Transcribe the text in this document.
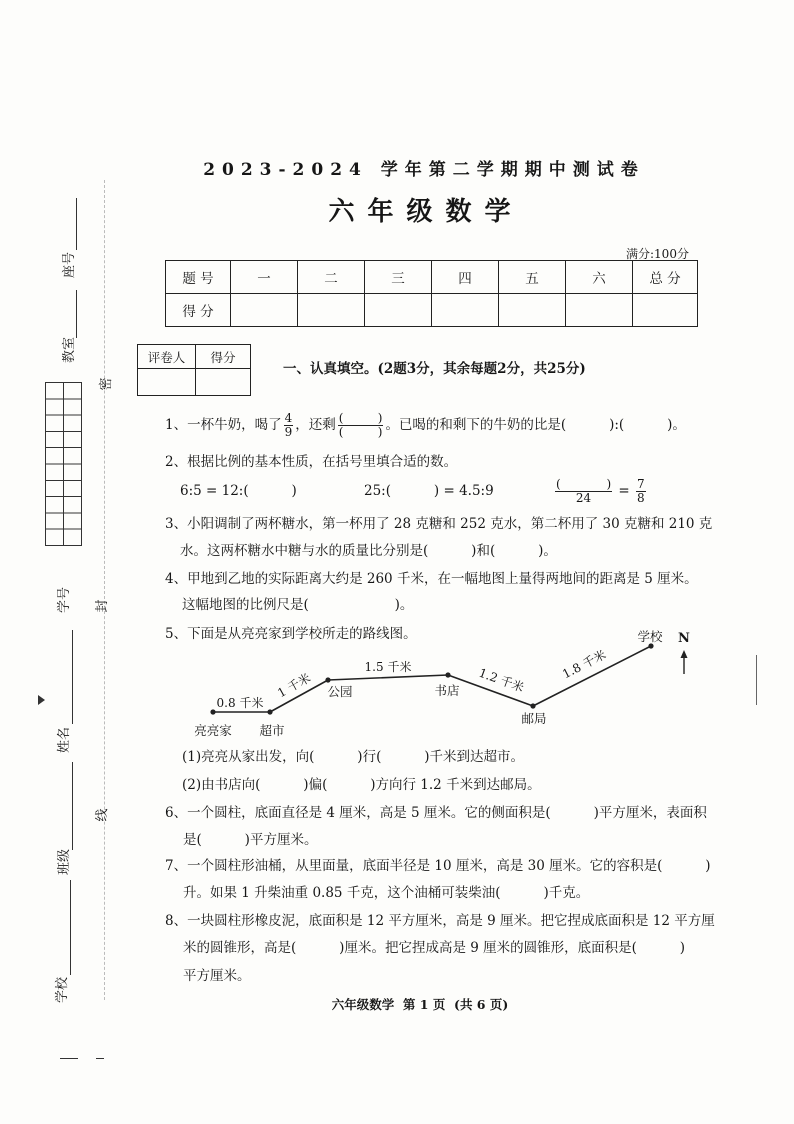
座号
教室
学号
姓名
班级
学校
密
封
线
2023-2024 学年第二学期期中测试卷
六年级数学
满分:100分
题 号	一	二	三	四	五	六	总 分
得 分							
评卷人	得分

一、认真填空。(2题3分，其余每题2分，共25分)
1、一杯牛奶，喝了 $\frac{4}{9}$ ，还剩 $\frac{( )}{( )}$ 。已喝的和剩下的牛奶的比是(          ):(          )。
2、根据比例的基本性质，在括号里填合适的数。
6:5 = 12:(          )	25:(          ) = 4.5:9	$\frac{( )}{24} = \frac{7}{8}$
3、小阳调制了两杯糖水，第一杯用了 28 克糖和 252 克水，第二杯用了 30 克糖和 210 克
水。这两杯糖水中糖与水的质量比分别是(          )和(          )。
4、甲地到乙地的实际距离大约是 260 千米，在一幅地图上量得两地间的距离是 5 厘米。
这幅地图的比例尺是(                    )。
5、下面是从亮亮家到学校所走的路线图。
亮亮家 超市
公园	书店
邮局
学校
0.8 千米
1 千米
1.5 千米	1.2 千米	1.8 千米
N
(1)亮亮从家出发，向(          )行(          )千米到达超市。
(2)由书店向(          )偏(          )方向行 1.2 千米到达邮局。
6、一个圆柱，底面直径是 4 厘米，高是 5 厘米。它的侧面积是(          )平方厘米，表面积
是(          )平方厘米。
7、一个圆柱形油桶，从里面量，底面半径是 10 厘米，高是 30 厘米。它的容积是(          )
升。如果 1 升柴油重 0.85 千克，这个油桶可装柴油(          )千克。
8、一块圆柱形橡皮泥，底面积是 12 平方厘米，高是 9 厘米。把它捏成底面积是 12 平方厘
米的圆锥形，高是(          )厘米。把它捏成高是 9 厘米的圆锥形，底面积是(          )
平方厘米。
六年级数学  第 1 页  (共 6 页)
